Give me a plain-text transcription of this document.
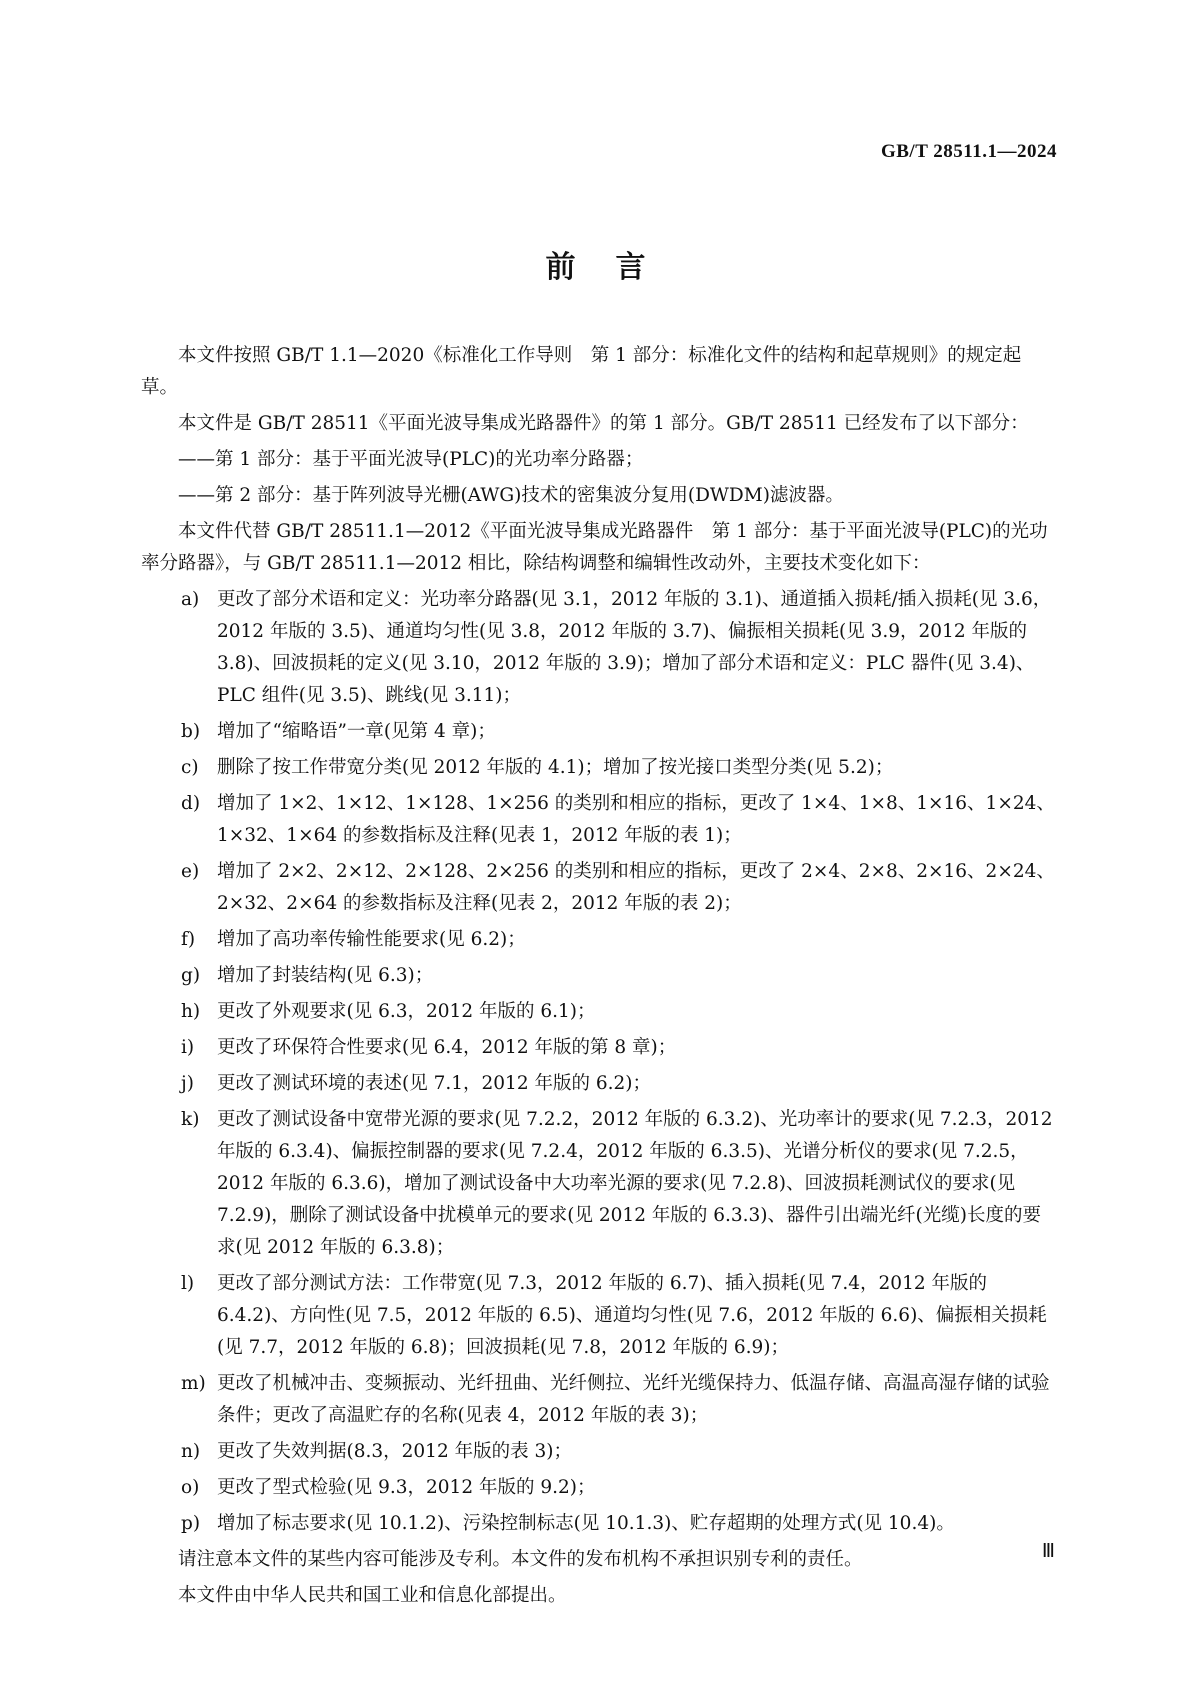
GB/T 28511.1—2024
前言

本文件按照 GB/T 1.1—2020《标准化工作导则　第 1 部分：标准化文件的结构和起草规则》的规定起草。

本文件是 GB/T 28511《平面光波导集成光路器件》的第 1 部分。GB/T 28511 已经发布了以下部分：

——第 1 部分：基于平面光波导(PLC)的光功率分路器；

——第 2 部分：基于阵列波导光栅(AWG)技术的密集波分复用(DWDM)滤波器。

本文件代替 GB/T 28511.1—2012《平面光波导集成光路器件　第 1 部分：基于平面光波导(PLC)的光功率分路器》，与 GB/T 28511.1—2012 相比，除结构调整和编辑性改动外，主要技术变化如下：

a) 更改了部分术语和定义：光功率分路器(见 3.1，2012 年版的 3.1)、通道插入损耗/插入损耗(见 3.6，2012 年版的 3.5)、通道均匀性(见 3.8，2012 年版的 3.7)、偏振相关损耗(见 3.9，2012 年版的 3.8)、回波损耗的定义(见 3.10，2012 年版的 3.9)；增加了部分术语和定义：PLC 器件(见 3.4)、PLC 组件(见 3.5)、跳线(见 3.11)；
b) 增加了“缩略语”一章(见第 4 章)；
c) 删除了按工作带宽分类(见 2012 年版的 4.1)；增加了按光接口类型分类(见 5.2)；
d) 增加了 1×2、1×12、1×128、1×256 的类别和相应的指标，更改了 1×4、1×8、1×16、1×24、1×32、1×64 的参数指标及注释(见表 1，2012 年版的表 1)；
e) 增加了 2×2、2×12、2×128、2×256 的类别和相应的指标，更改了 2×4、2×8、2×16、2×24、2×32、2×64 的参数指标及注释(见表 2，2012 年版的表 2)；
f)	增加了高功率传输性能要求(见 6.2)；
g) 增加了封装结构(见 6.3)；
h) 更改了外观要求(见 6.3，2012 年版的 6.1)；
i)	更改了环保符合性要求(见 6.4，2012 年版的第 8 章)；
j)	更改了测试环境的表述(见 7.1，2012 年版的 6.2)；
k) 更改了测试设备中宽带光源的要求(见 7.2.2，2012 年版的 6.3.2)、光功率计的要求(见 7.2.3，2012 年版的 6.3.4)、偏振控制器的要求(见 7.2.4，2012 年版的 6.3.5)、光谱分析仪的要求(见 7.2.5，2012 年版的 6.3.6)，增加了测试设备中大功率光源的要求(见 7.2.8)、回波损耗测试仪的要求(见 7.2.9)，删除了测试设备中扰模单元的要求(见 2012 年版的 6.3.3)、器件引出端光纤(光缆)长度的要求(见 2012 年版的 6.3.8)；
l)	更改了部分测试方法：工作带宽(见 7.3，2012 年版的 6.7)、插入损耗(见 7.4，2012 年版的 6.4.2)、方向性(见 7.5，2012 年版的 6.5)、通道均匀性(见 7.6，2012 年版的 6.6)、偏振相关损耗(见 7.7，2012 年版的 6.8)；回波损耗(见 7.8，2012 年版的 6.9)；
m) 更改了机械冲击、变频振动、光纤扭曲、光纤侧拉、光纤光缆保持力、低温存储、高温高湿存储的试验条件；更改了高温贮存的名称(见表 4，2012 年版的表 3)；
n) 更改了失效判据(8.3，2012 年版的表 3)；
o) 更改了型式检验(见 9.3，2012 年版的 9.2)；
p) 增加了标志要求(见 10.1.2)、污染控制标志(见 10.1.3)、贮存超期的处理方式(见 10.4)。

请注意本文件的某些内容可能涉及专利。本文件的发布机构不承担识别专利的责任。

本文件由中华人民共和国工业和信息化部提出。

Ⅲ
